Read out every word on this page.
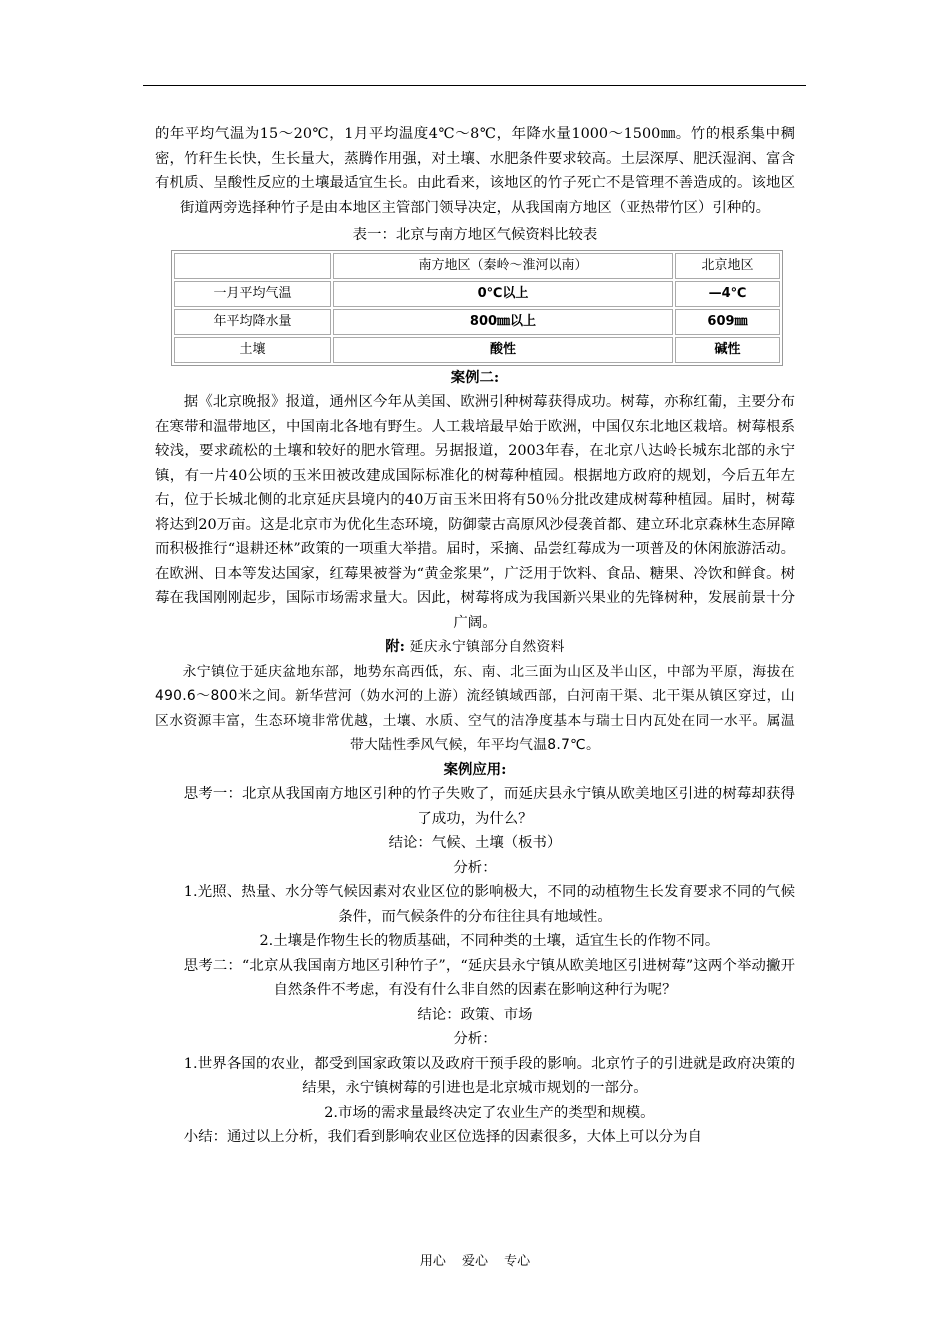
的年平均气温为15～20℃，1月平均温度4℃～8℃，年降水量1000～1500㎜。竹的根系集中稠密，竹秆生长快，生长量大，蒸腾作用强，对土壤、水肥条件要求较高。土层深厚、肥沃湿润、富含有机质、呈酸性反应的土壤最适宜生长。由此看来，该地区的竹子死亡不是管理不善造成的。该地区街道两旁选择种竹子是由本地区主管部门领导决定，从我国南方地区（亚热带竹区）引种的。

表一：北京与南方地区气候资料比较表
	南方地区（秦岭～淮河以南）	北京地区
一月平均气温	0℃以上	—4℃
年平均降水量	800㎜以上	609㎜
土壤	酸性	碱性
案例二:

据《北京晚报》报道，通州区今年从美国、欧洲引种树莓获得成功。树莓，亦称红葡，主要分布在寒带和温带地区，中国南北各地有野生。人工栽培最早始于欧洲，中国仅东北地区栽培。树莓根系较浅，要求疏松的土壤和较好的肥水管理。另据报道，2003年春，在北京八达岭长城东北部的永宁镇，有一片40公顷的玉米田被改建成国际标准化的树莓种植园。根据地方政府的规划，今后五年左右，位于长城北侧的北京延庆县境内的40万亩玉米田将有50％分批改建成树莓种植园。届时，树莓将达到20万亩。这是北京市为优化生态环境，防御蒙古高原风沙侵袭首都、建立环北京森林生态屏障而积极推行“退耕还林”政策的一项重大举措。届时，采摘、品尝红莓成为一项普及的休闲旅游活动。在欧洲、日本等发达国家，红莓果被誉为“黄金浆果”，广泛用于饮料、食品、糖果、冷饮和鲜食。树莓在我国刚刚起步，国际市场需求量大。因此，树莓将成为我国新兴果业的先锋树种，发展前景十分广阔。

附: 延庆永宁镇部分自然资料

永宁镇位于延庆盆地东部，地势东高西低，东、南、北三面为山区及半山区，中部为平原，海拔在490.6～800米之间。新华营河（妫水河的上游）流经镇域西部，白河南干渠、北干渠从镇区穿过，山区水资源丰富，生态环境非常优越，土壤、水质、空气的洁净度基本与瑞士日内瓦处在同一水平。属温带大陆性季风气候，年平均气温8.7℃。

案例应用:

思考一：北京从我国南方地区引种的竹子失败了，而延庆县永宁镇从欧美地区引进的树莓却获得了成功，为什么？

结论：气候、土壤（板书）
分析：

1.光照、热量、水分等气候因素对农业区位的影响极大，不同的动植物生长发育要求不同的气候条件，而气候条件的分布往往具有地域性。

2.土壤是作物生长的物质基础，不同种类的土壤，适宜生长的作物不同。

思考二：“北京从我国南方地区引种竹子”，“延庆县永宁镇从欧美地区引进树莓”这两个举动撇开自然条件不考虑，有没有什么非自然的因素在影响这种行为呢？

结论：政策、市场
分析：

1.世界各国的农业，都受到国家政策以及政府干预手段的影响。北京竹子的引进就是政府决策的结果，永宁镇树莓的引进也是北京城市规划的一部分。

2.市场的需求量最终决定了农业生产的类型和规模。

小结：通过以上分析，我们看到影响农业区位选择的因素很多，大体上可以分为自

用心 爱心 专心
